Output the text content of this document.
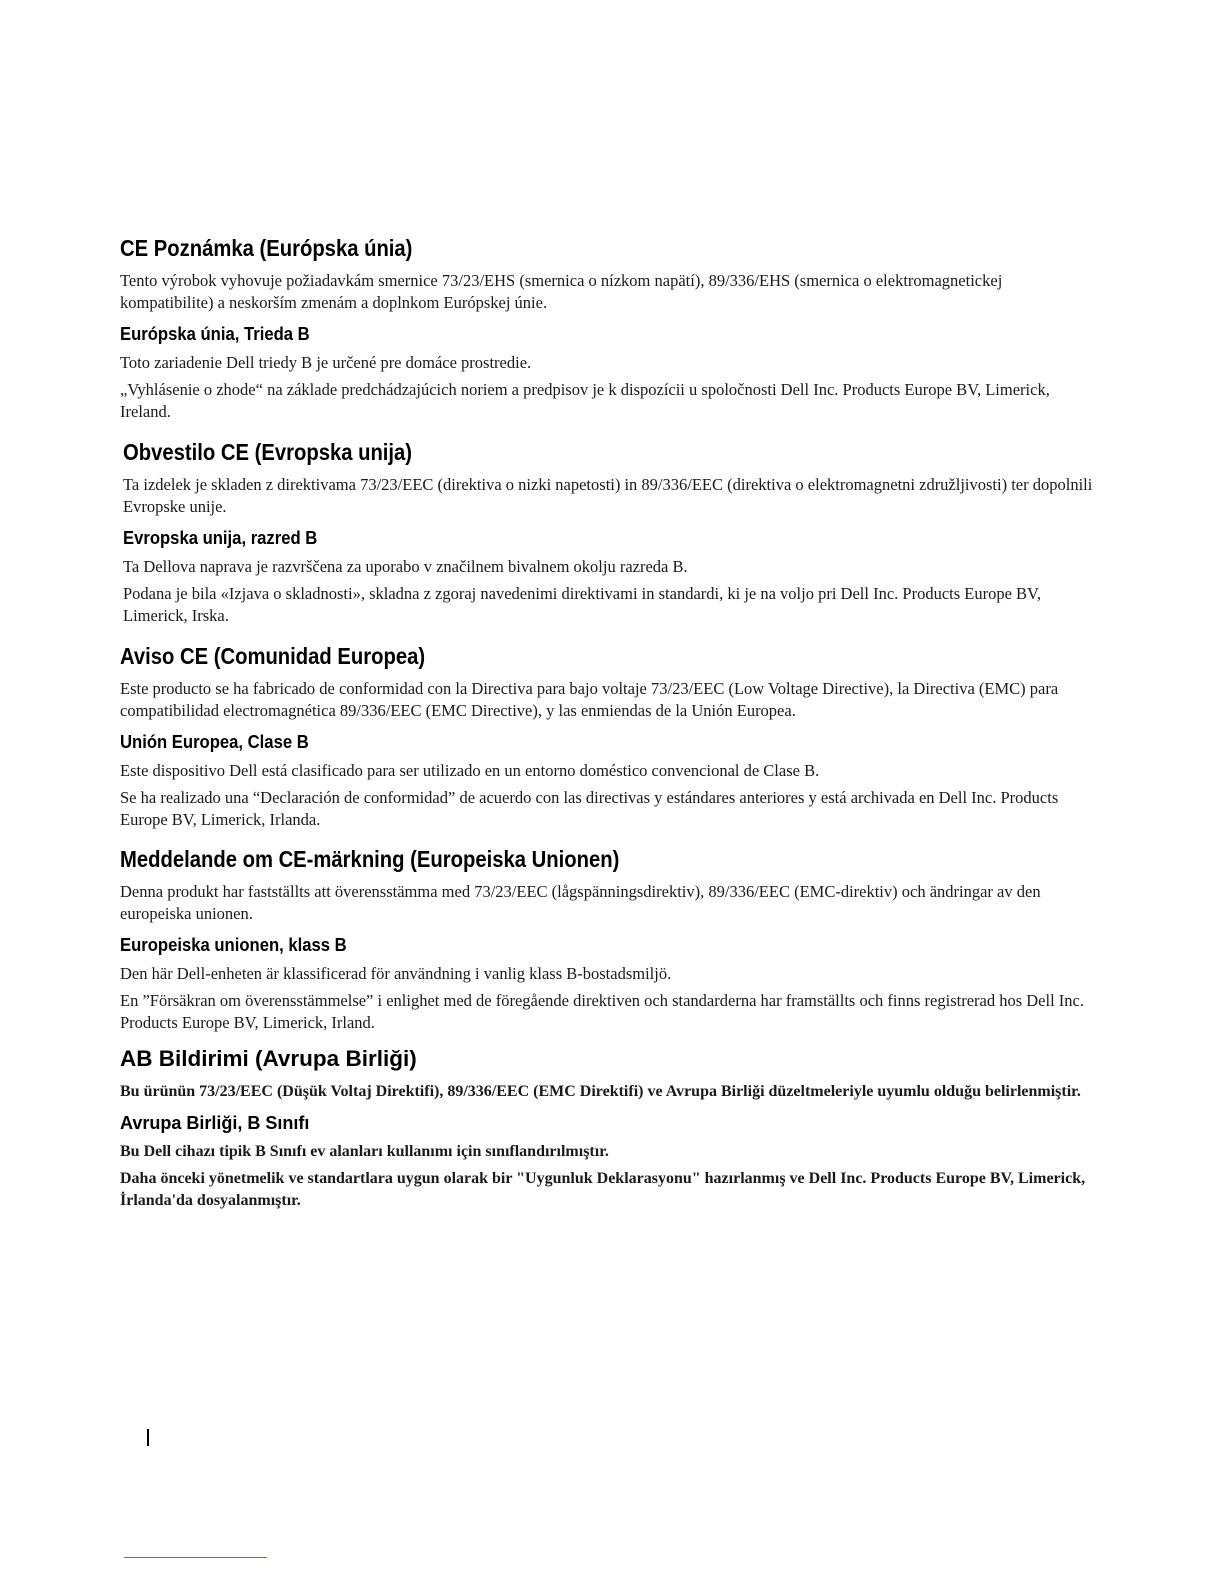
CE Poznámka (Európska únia)

Tento výrobok vyhovuje požiadavkám smernice 73/23/EHS (smernica o nízkom napätí), 89/336/EHS (smernica o elektromagnetickej kompatibilite) a neskorším zmenám a doplnkom Európskej únie.

Európska únia, Trieda B

Toto zariadenie Dell triedy B je určené pre domáce prostredie.

„Vyhlásenie o zhode“ na základe predchádzajúcich noriem a predpisov je k dispozícii u spoločnosti Dell Inc. Products Europe BV, Limerick, Ireland.

Obvestilo CE (Evropska unija)

Ta izdelek je skladen z direktivama 73/23/EEC (direktiva o nizki napetosti) in 89/336/EEC (direktiva o elektromagnetni združljivosti) ter dopolnili Evropske unije.

Evropska unija, razred B

Ta Dellova naprava je razvrščena za uporabo v značilnem bivalnem okolju razreda B.

Podana je bila «Izjava o skladnosti», skladna z zgoraj navedenimi direktivami in standardi, ki je na voljo pri Dell Inc. Products Europe BV, Limerick, Irska.

Aviso CE (Comunidad Europea)

Este producto se ha fabricado de conformidad con la Directiva para bajo voltaje 73/23/EEC (Low Voltage Directive), la Directiva (EMC) para compatibilidad electromagnética 89/336/EEC (EMC Directive), y las enmiendas de la Unión Europea.

Unión Europea, Clase B

Este dispositivo Dell está clasificado para ser utilizado en un entorno doméstico convencional de Clase B.

Se ha realizado una “Declaración de conformidad” de acuerdo con las directivas y estándares anteriores y está archivada en Dell Inc. Products Europe BV, Limerick, Irlanda.

Meddelande om CE-märkning (Europeiska Unionen)

Denna produkt har fastställts att överensstämma med 73/23/EEC (lågspänningsdirektiv), 89/336/EEC (EMC-direktiv) och ändringar av den europeiska unionen.

Europeiska unionen, klass B

Den här Dell-enheten är klassificerad för användning i vanlig klass B-bostadsmiljö.

En ”Försäkran om överensstämmelse” i enlighet med de föregående direktiven och standarderna har framställts och finns registrerad hos Dell Inc. Products Europe BV, Limerick, Irland.

AB Bildirimi (Avrupa Birliği)

Bu ürünün 73/23/EEC (Düşük Voltaj Direktifi), 89/336/EEC (EMC Direktifi) ve Avrupa Birliği düzeltmeleriyle uyumlu olduğu belirlenmiştir.

Avrupa Birliği, B Sınıfı

Bu Dell cihazı tipik B Sınıfı ev alanları kullanımı için sınıflandırılmıştır.

Daha önceki yönetmelik ve standartlara uygun olarak bir "Uygunluk Deklarasyonu" hazırlanmış ve Dell Inc. Products Europe BV, Limerick, İrlanda'da dosyalanmıştır.
